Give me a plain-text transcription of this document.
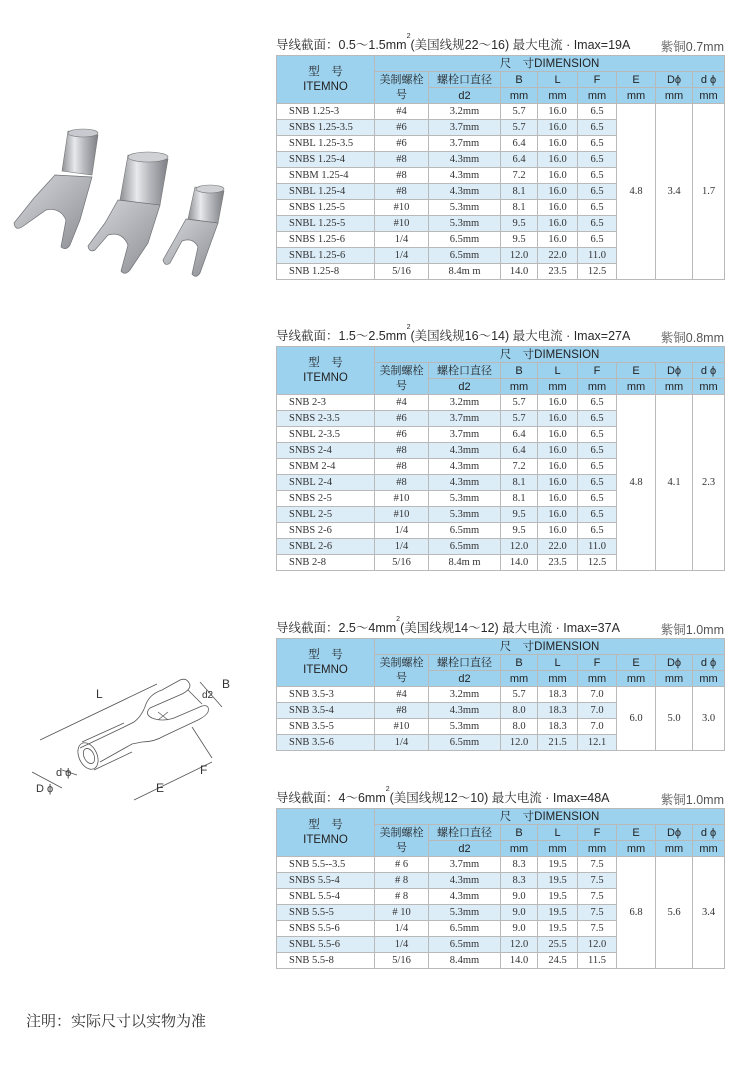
L
B
d2
F
E
d ϕ
D ϕ
导线截面：$0.5\sim 1.5mm^2$(美国线规22～16) 最大电流 · Imax=19A 紫铜0.7mm
型　号
ITEMNO	尺　寸DIMENSION							
	美制螺栓号	螺栓口直径	B	L	F	E	Dϕ	d ϕ
		d2	mm	mm	mm	mm	mm	mm
SNB 1.25-3	#4	3.2mm	5.7	16.0	6.5	4.8	3.4	1.7
SNBS 1.25-3.5	#6	3.7mm	5.7	16.0	6.5			
SNBL 1.25-3.5	#6	3.7mm	6.4	16.0	6.5			
SNBS 1.25-4	#8	4.3mm	6.4	16.0	6.5			
SNBM 1.25-4	#8	4.3mm	7.2	16.0	6.5			
SNBL 1.25-4	#8	4.3mm	8.1	16.0	6.5			
SNBS 1.25-5	#10	5.3mm	8.1	16.0	6.5			
SNBL 1.25-5	#10	5.3mm	9.5	16.0	6.5			
SNBS 1.25-6	1/4	6.5mm	9.5	16.0	6.5			
SNBL 1.25-6	1/4	6.5mm	12.0	22.0	11.0			
SNB 1.25-8	5/16	8.4m m	14.0	23.5	12.5			
导线截面：$1.5\sim 2.5mm^2$(美国线规16～14) 最大电流 · Imax=27A 紫铜0.8mm
型　号
ITEMNO	尺　寸DIMENSION							
	美制螺栓号	螺栓口直径	B	L	F	E	Dϕ	d ϕ
		d2	mm	mm	mm	mm	mm	mm
SNB 2-3	#4	3.2mm	5.7	16.0	6.5	4.8	4.1	2.3
SNBS 2-3.5	#6	3.7mm	5.7	16.0	6.5			
SNBL 2-3.5	#6	3.7mm	6.4	16.0	6.5			
SNBS 2-4	#8	4.3mm	6.4	16.0	6.5			
SNBM 2-4	#8	4.3mm	7.2	16.0	6.5			
SNBL 2-4	#8	4.3mm	8.1	16.0	6.5			
SNBS 2-5	#10	5.3mm	8.1	16.0	6.5			
SNBL 2-5	#10	5.3mm	9.5	16.0	6.5			
SNBS 2-6	1/4	6.5mm	9.5	16.0	6.5			
SNBL 2-6	1/4	6.5mm	12.0	22.0	11.0			
SNB 2-8	5/16	8.4m m	14.0	23.5	12.5			
导线截面：$2.5\sim 4mm^2$(美国线规14～12) 最大电流 · Imax=37A	紫铜1.0mm
型　号
ITEMNO	尺　寸DIMENSION							
	美制螺栓号	螺栓口直径	B	L	F	E	Dϕ	d ϕ
		d2	mm	mm	mm	mm	mm	mm
SNB 3.5-3	#4	3.2mm	5.7	18.3	7.0	6.0	5.0	3.0
SNB 3.5-4	#8	4.3mm	8.0	18.3	7.0			
SNB 3.5-5	#10	5.3mm	8.0	18.3	7.0			
SNB 3.5-6	1/4	6.5mm	12.0	21.5	12.1			
导线截面：$4\sim 6mm^2$(美国线规12～10) 最大电流 · Imax=48A	紫铜1.0mm
型　号
ITEMNO	尺　寸DIMENSION							
	美制螺栓号	螺栓口直径	B	L	F	E	Dϕ	d ϕ
		d2	mm	mm	mm	mm	mm	mm
SNB 5.5--3.5	# 6	3.7mm	8.3	19.5	7.5	6.8	5.6	3.4
SNBS 5.5-4	# 8	4.3mm	8.3	19.5	7.5			
SNBL 5.5-4	# 8	4.3mm	9.0	19.5	7.5			
SNB 5.5-5	# 10	5.3mm	9.0	19.5	7.5			
SNBS 5.5-6	1/4	6.5mm	9.0	19.5	7.5			
SNBL 5.5-6	1/4	6.5mm	12.0	25.5	12.0			
SNB 5.5-8	5/16	8.4mm	14.0	24.5	11.5			
注明：实际尺寸以实物为准
